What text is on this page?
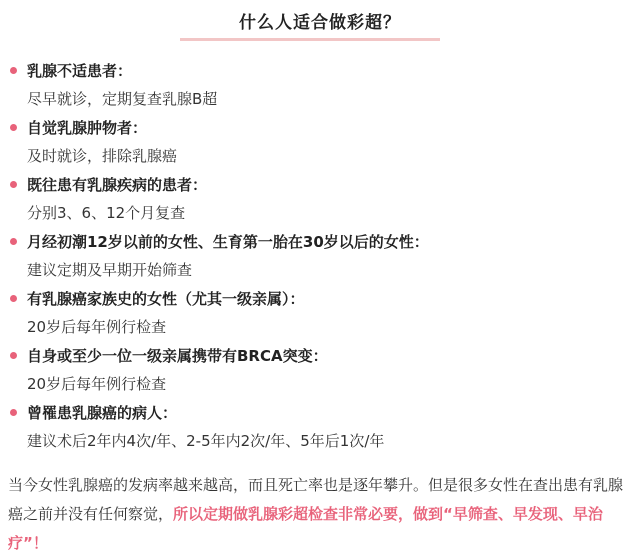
什么人适合做彩超？
乳腺不适患者：
尽早就诊，定期复查乳腺B超
自觉乳腺肿物者：
及时就诊，排除乳腺癌
既往患有乳腺疾病的患者：
分别3、6、12个月复查
月经初潮12岁以前的女性、生育第一胎在30岁以后的女性：
建议定期及早期开始筛查
有乳腺癌家族史的女性（尤其一级亲属）：
20岁后每年例行检查
自身或至少一位一级亲属携带有BRCA突变：
20岁后每年例行检查
曾罹患乳腺癌的病人：
建议术后2年内4次/年、2-5年内2次/年、5年后1次/年
当今女性乳腺癌的发病率越来越高，而且死亡率也是逐年攀升。但是很多女性在查出患有乳腺癌之前并没有任何察觉，所以定期做乳腺彩超检查非常必要，做到“早筛查、早发现、早治疗”！
